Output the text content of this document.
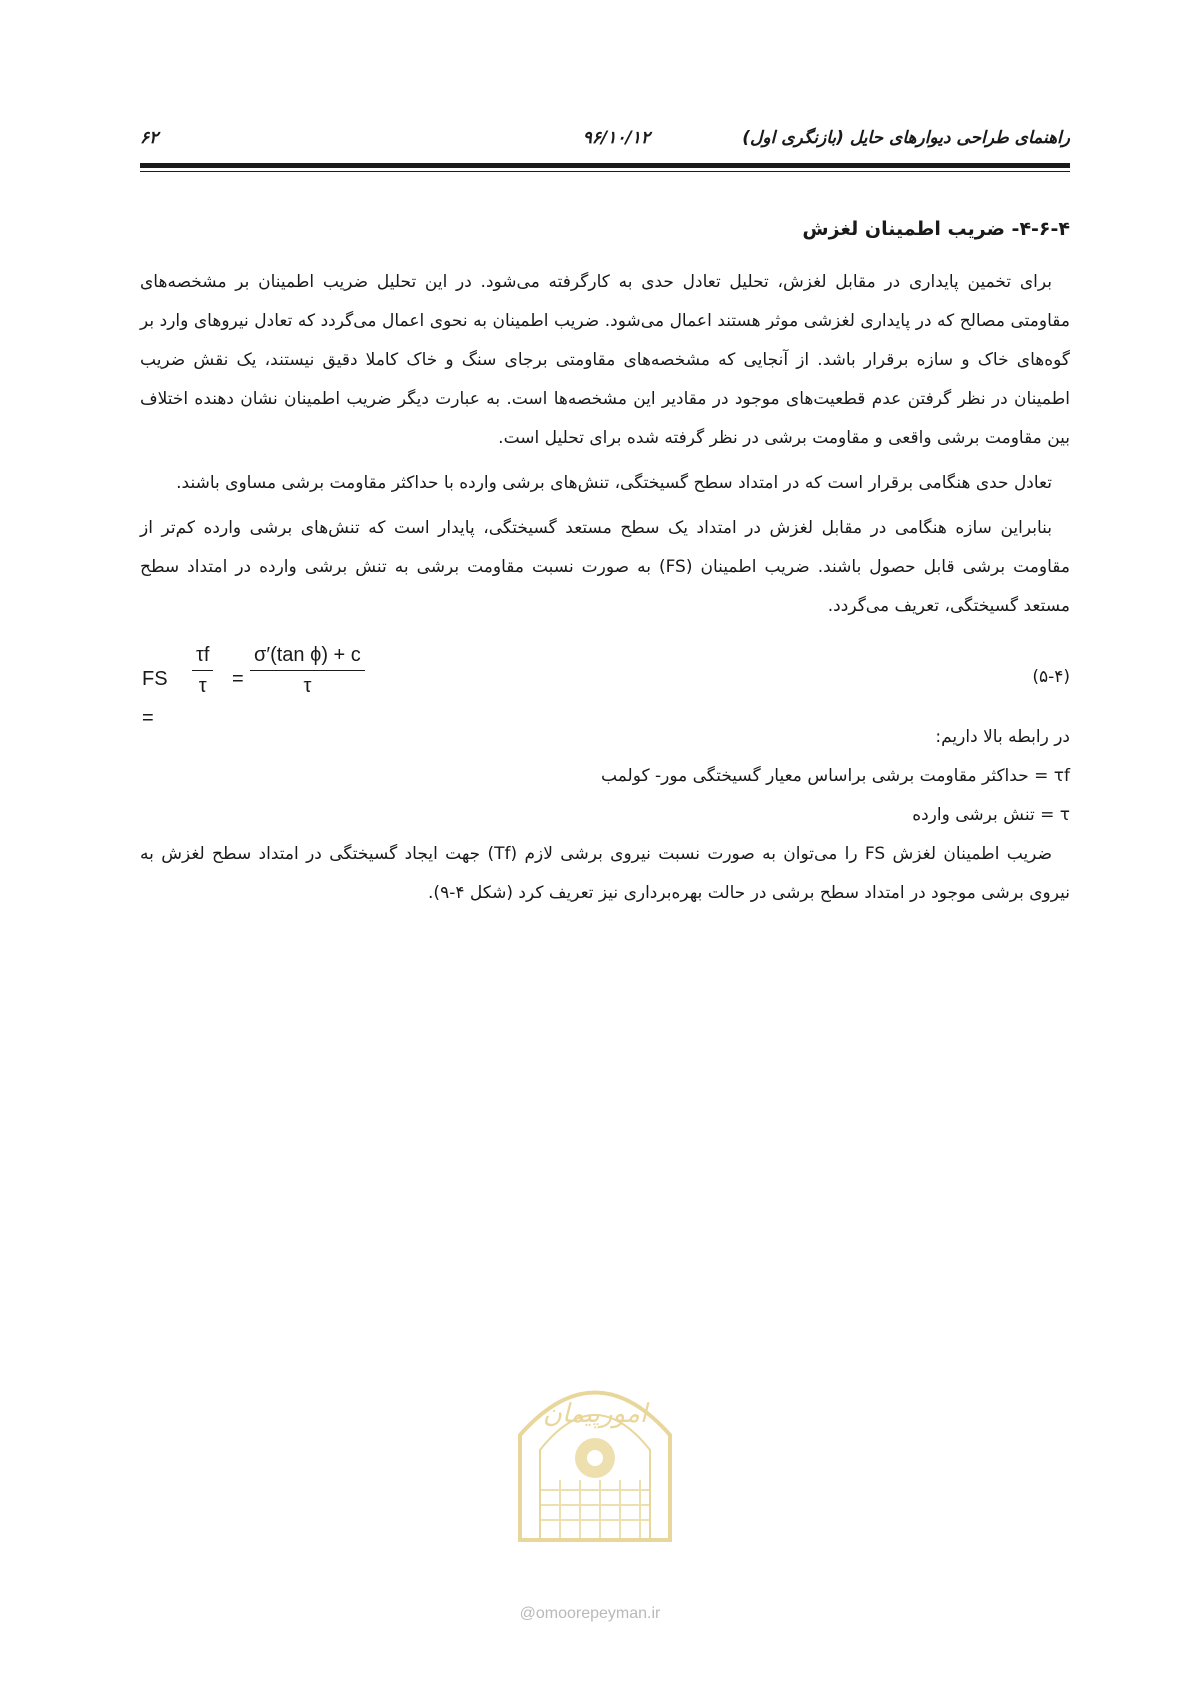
راهنمای طراحی دیوارهای حایل (بازنگری اول)
۹۶/۱۰/۱۲
۶۲
۴-۶-۴- ضریب اطمینان لغزش

برای تخمین پایداری در مقابل لغزش، تحلیل تعادل حدی به کارگرفته می‌شود. در این تحلیل ضریب اطمینان بر مشخصه‌های مقاومتی مصالح که در پایداری لغزشی موثر هستند اعمال می‌شود. ضریب اطمینان به نحوی اعمال می‌گردد که تعادل نیروهای وارد بر گوه‌های خاک و سازه برقرار باشد. از آنجایی که مشخصه‌های مقاومتی برجای سنگ و خاک کاملا دقیق نیستند، یک نقش ضریب اطمینان در نظر گرفتن عدم قطعیت‌های موجود در مقادیر این مشخصه‌ها است. به عبارت دیگر ضریب اطمینان نشان دهنده اختلاف بین مقاومت برشی واقعی و مقاومت برشی در نظر گرفته شده برای تحلیل است.

تعادل حدی هنگامی برقرار است که در امتداد سطح گسیختگی، تنش‌های برشی وارده با حداکثر مقاومت برشی مساوی باشند.

بنابراین سازه هنگامی در مقابل لغزش در امتداد یک سطح مستعد گسیختگی، پایدار است که تنش‌های برشی وارده کم‌تر از مقاومت برشی قابل حصول باشند. ضریب اطمینان (FS) به صورت نسبت مقاومت برشی به تنش برشی وارده در امتداد سطح مستعد گسیختگی، تعریف می‌گردد.

FS =
$\frac{\tau f}{\tau} = \frac{\text{σ′(tan ϕ) + c}}{\tau}$	(۵-۴)

در رابطه بالا داریم:

τf = حداکثر مقاومت برشی براساس معیار گسیختگی مور- کولمب

τ = تنش برشی وارده

ضریب اطمینان لغزش FS را می‌توان به صورت نسبت نیروی برشی لازم (Tf) جهت ایجاد گسیختگی در امتداد سطح لغزش به نیروی برشی موجود در امتداد سطح برشی در حالت بهره‌برداری نیز تعریف کرد (شکل ۴-۹).

امورپیمان
@omoorepeyman.ir
